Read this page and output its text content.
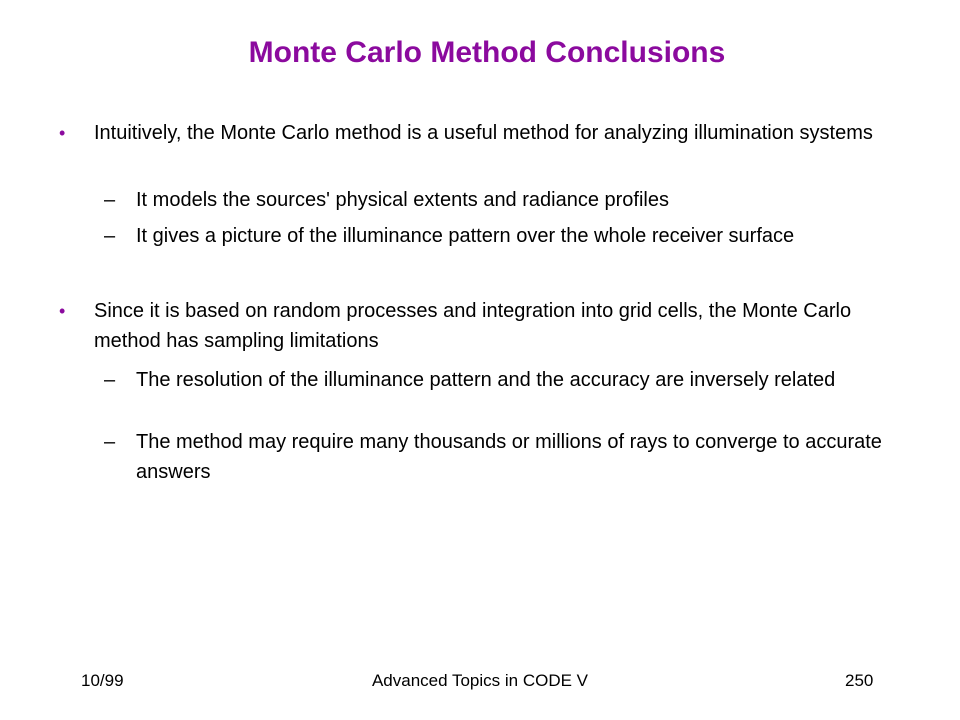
Monte Carlo Method Conclusions
• Intuitively, the Monte Carlo method is a useful method for analyzing illumination systems
– It models the sources' physical extents and radiance profiles
– It gives a picture of the illuminance pattern over the whole receiver surface
• Since it is based on random processes and integration into grid cells, the Monte Carlo method has sampling limitations
– The resolution of the illuminance pattern and the accuracy are inversely related
– The method may require many thousands or millions of rays to converge to accurate answers
10/99	Advanced Topics in CODE V	250
